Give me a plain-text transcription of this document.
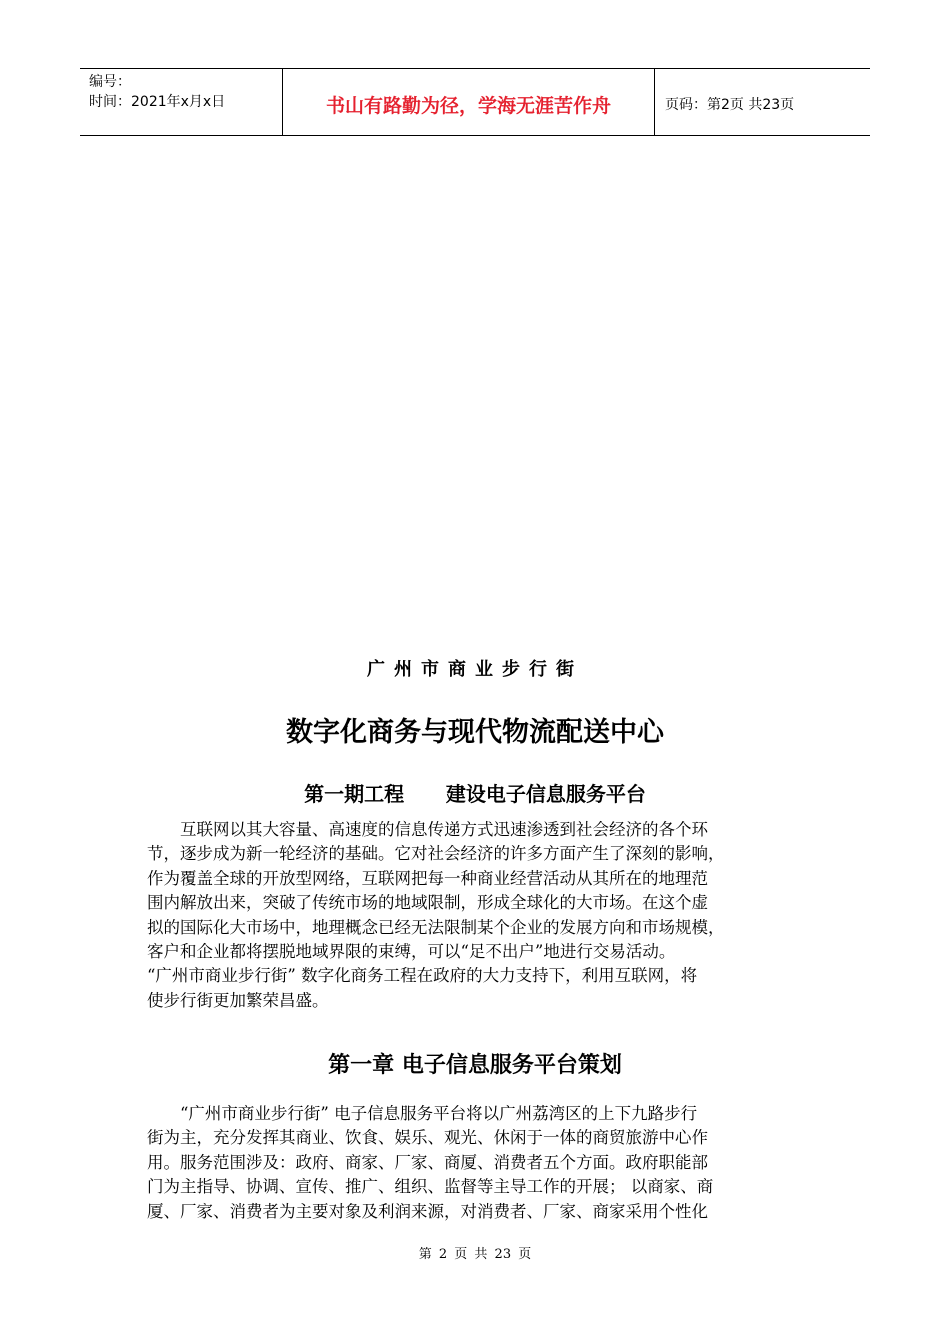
编号：
时间：2021年x月x日	书山有路勤为径，学海无涯苦作舟	页码：第2页 共23页
广州市商业步行街
数字化商务与现代物流配送中心
第一期工程      建设电子信息服务平台
　　互联网以其大容量、高速度的信息传递方式迅速渗透到社会经济的各个环
节，逐步成为新一轮经济的基础。它对社会经济的许多方面产生了深刻的影响，
作为覆盖全球的开放型网络，互联网把每一种商业经营活动从其所在的地理范
围内解放出来，突破了传统市场的地域限制，形成全球化的大市场。在这个虚
拟的国际化大市场中，地理概念已经无法限制某个企业的发展方向和市场规模，
客户和企业都将摆脱地域界限的束缚，可以“足不出户”地进行交易活动。
“广州市商业步行街” 数字化商务工程在政府的大力支持下，利用互联网，将
使步行街更加繁荣昌盛。
第一章 电子信息服务平台策划
　　“广州市商业步行街” 电子信息服务平台将以广州荔湾区的上下九路步行
街为主，充分发挥其商业、饮食、娱乐、观光、休闲于一体的商贸旅游中心作
用。服务范围涉及：政府、商家、厂家、商厦、消费者五个方面。政府职能部
门为主指导、协调、宣传、推广、组织、监督等主导工作的开展； 以商家、商
厦、厂家、消费者为主要对象及利润来源，对消费者、厂家、商家采用个性化
第 2 页 共 23 页
